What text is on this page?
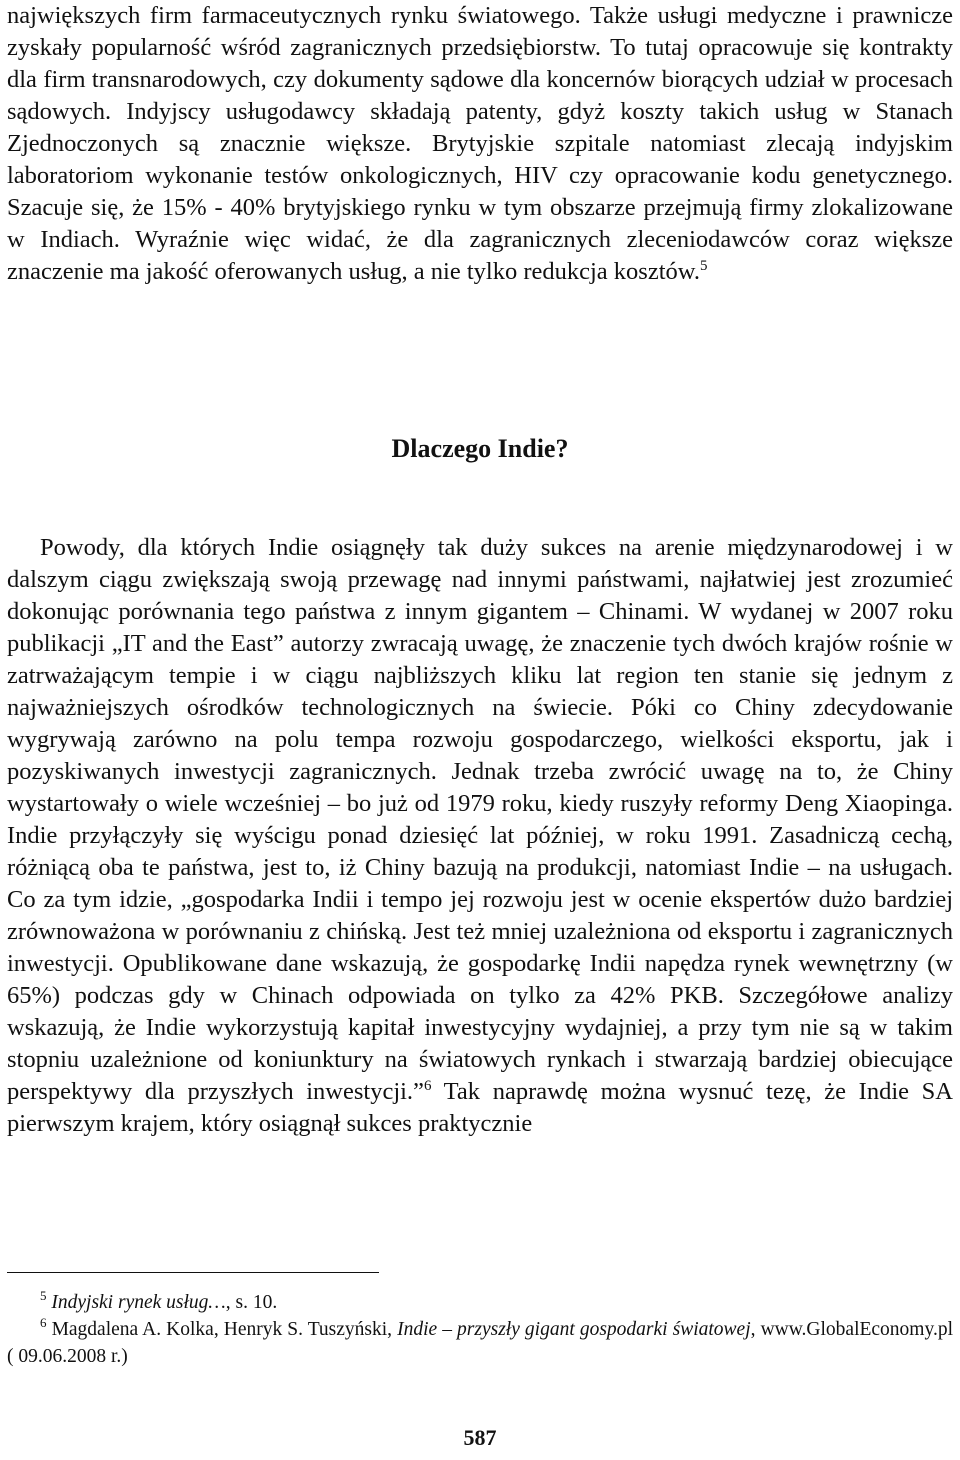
największych firm farmaceutycznych rynku światowego. Także usługi medyczne i prawnicze zyskały popularność wśród zagranicznych przedsiębiorstw. To tutaj opracowuje się kontrakty dla firm transnarodowych, czy dokumenty sądowe dla koncernów biorących udział w procesach sądowych. Indyjscy usługodawcy składają patenty, gdyż koszty takich usług w Stanach Zjednoczonych są znacznie większe. Brytyjskie szpitale natomiast zlecają indyjskim laboratoriom wykonanie testów onkologicznych, HIV czy opracowanie kodu genetycznego. Szacuje się, że 15% - 40% brytyjskiego rynku w tym obszarze przejmują firmy zlokalizowane w Indiach. Wyraźnie więc widać, że dla zagranicznych zleceniodawców coraz większe znaczenie ma jakość oferowanych usług, a nie tylko redukcja kosztów.$^5$

Dlaczego Indie?

Powody, dla których Indie osiągnęły tak duży sukces na arenie międzynarodowej i w dalszym ciągu zwiększają swoją przewagę nad innymi państwami, najłatwiej jest zrozumieć dokonując porównania tego państwa z innym gigantem – Chinami. W wydanej w 2007 roku publikacji „IT and the East” autorzy zwracają uwagę, że znaczenie tych dwóch krajów rośnie w zatrważającym tempie i w ciągu najbliższych kliku lat region ten stanie się jednym z najważniejszych ośrodków technologicznych na świecie. Póki co Chiny zdecydowanie wygrywają zarówno na polu tempa rozwoju gospodarczego, wielkości eksportu, jak i pozyskiwanych inwestycji zagranicznych. Jednak trzeba zwrócić uwagę na to, że Chiny wystartowały o wiele wcześniej – bo już od 1979 roku, kiedy ruszyły reformy Deng Xiaopinga. Indie przyłączyły się wyścigu ponad dziesięć lat później, w roku 1991. Zasadniczą cechą, różniącą oba te państwa, jest to, iż Chiny bazują na produkcji, natomiast Indie – na usługach. Co za tym idzie, „gospodarka Indii i tempo jej rozwoju jest w ocenie ekspertów dużo bardziej zrównoważona w porównaniu z chińską. Jest też mniej uzależniona od eksportu i zagranicznych inwestycji. Opublikowane dane wskazują, że gospodarkę Indii napędza rynek wewnętrzny (w 65%) podczas gdy w Chinach odpowiada on tylko za 42% PKB. Szczegółowe analizy wskazują, że Indie wykorzystują kapitał inwestycyjny wydajniej, a przy tym nie są w takim stopniu uzależnione od koniunktury na światowych rynkach i stwarzają bardziej obiecujące perspektywy dla przyszłych inwestycji.”$^6$ Tak naprawdę można wysnuć tezę, że Indie SA pierwszym krajem, który osiągnął sukces praktycznie

$^5$ Indyjski rynek usług…, s. 10.

$^6$ Magdalena A. Kolka, Henryk S. Tuszyński, Indie – przyszły gigant gospodarki światowej, www.GlobalEconomy.pl ( 09.06.2008 r.)

587
